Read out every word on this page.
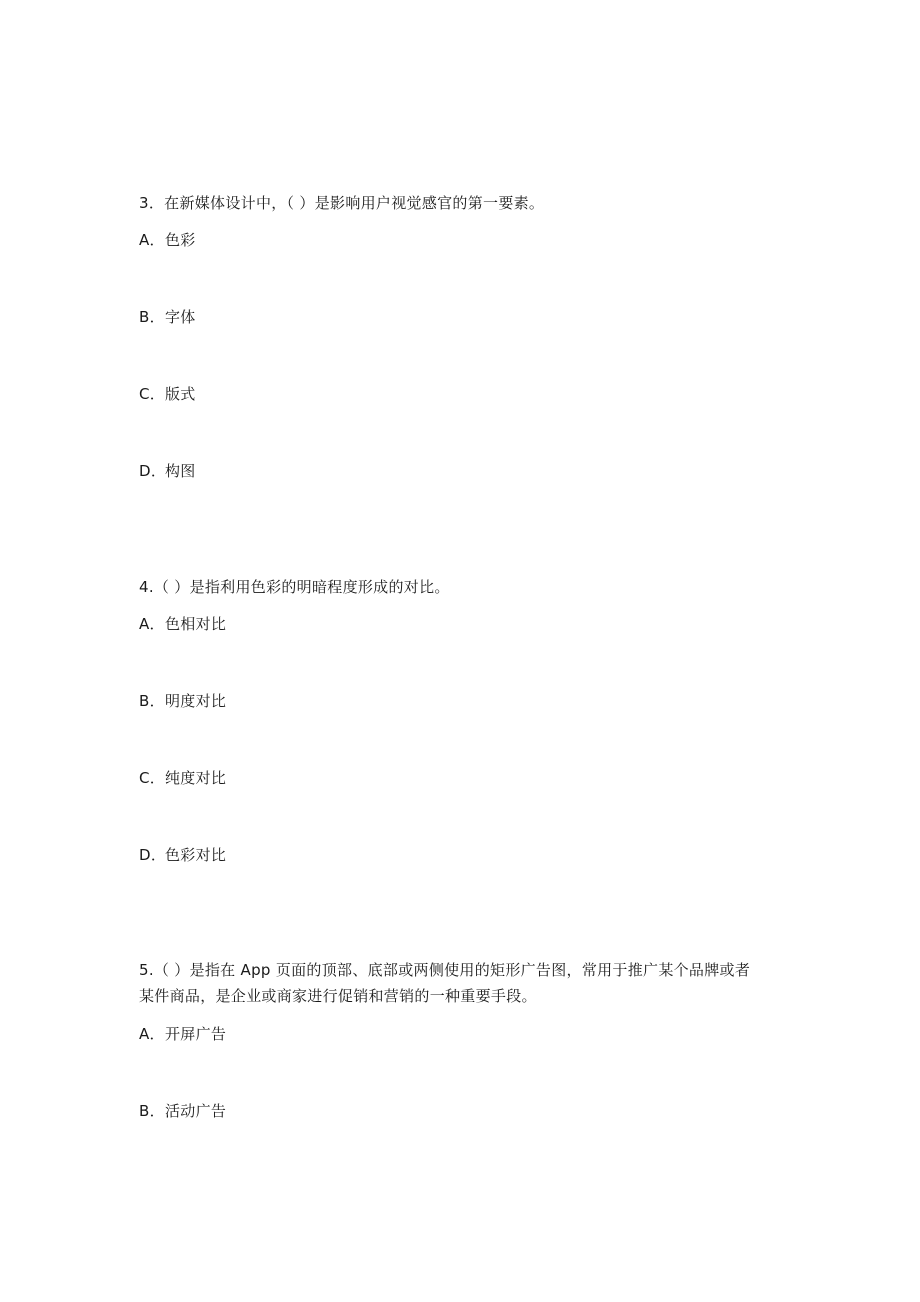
3．在新媒体设计中，（ ）是影响用户视觉感官的第一要素。
A．色彩
B．字体
C．版式
D．构图
4.（ ）是指利用色彩的明暗程度形成的对比。
A．色相对比
B．明度对比
C．纯度对比
D．色彩对比
5.（ ）是指在 App 页面的顶部、底部或两侧使用的矩形广告图，常用于推广某个品牌或者
某件商品，是企业或商家进行促销和营销的一种重要手段。
A．开屏广告
B．活动广告
